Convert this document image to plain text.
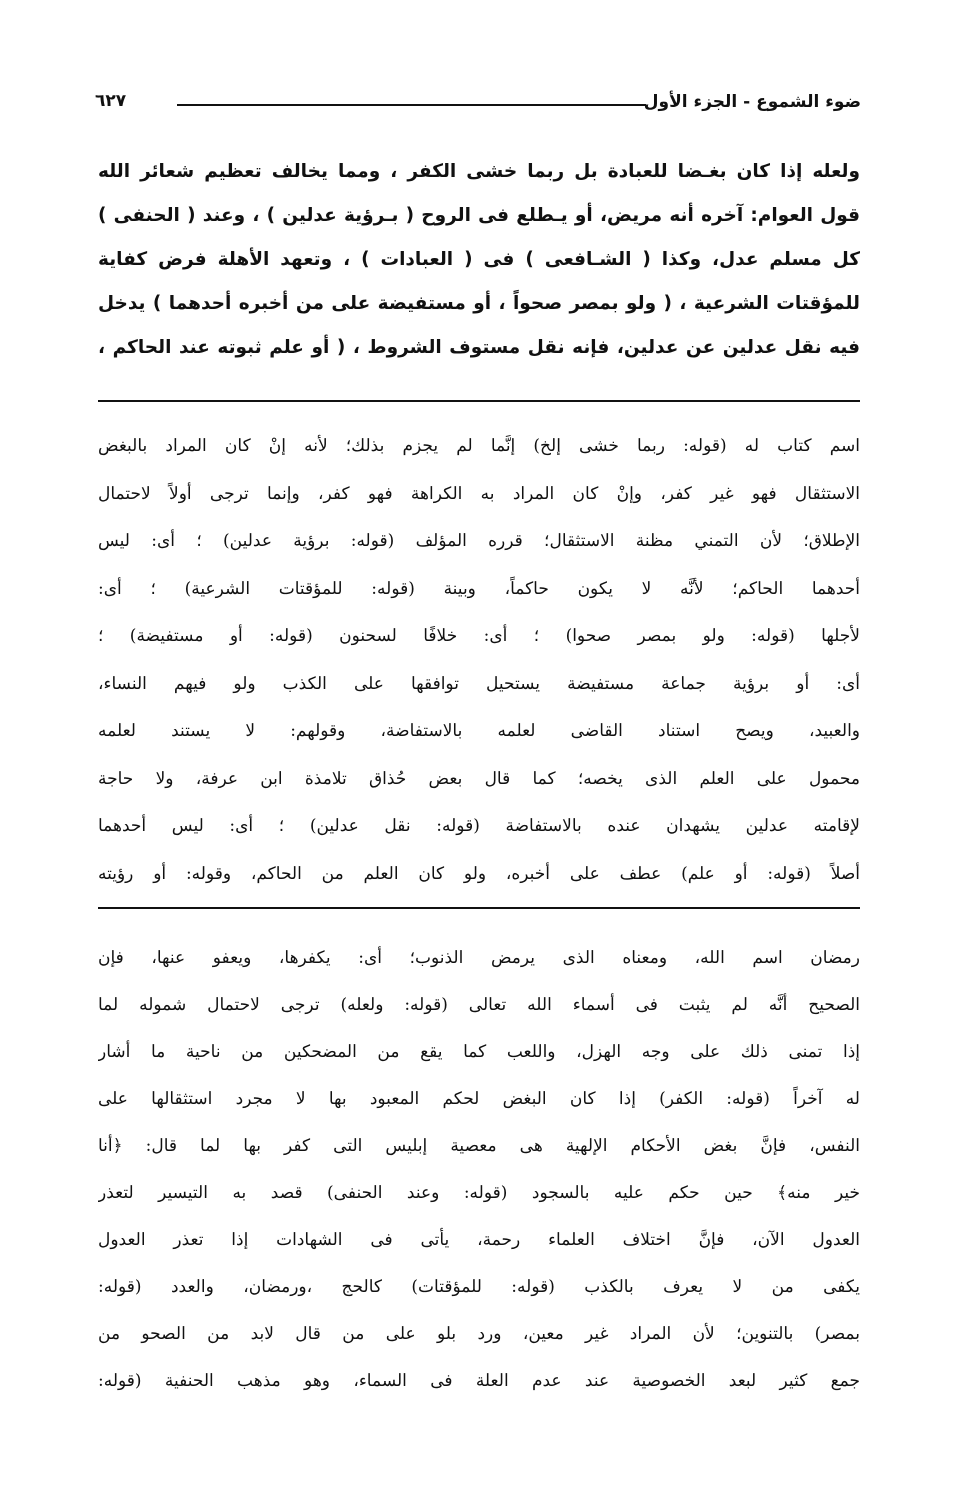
ضوء الشموع - الجزء الأول
٦٢٧
ولعله إذا كان بغـضا للعبادة بل ربما خشى الكفر ، ومما يخالف تعظيم شعائر الله
قول العوام: آخره أنه مريض، أو يـطلع فى الروح ( بـرؤية عدلين ) ، وعند ( الحنفى )
كل مسلم عدل، وكذا ( الشـافعى ) فى ( العبادات ) ، وتعهد الأهلة فرض كفاية
للمؤقتات الشرعية ، ( ولو بمصر صحواً ، أو مستفيضة على من أخبره أحدهما ) يدخل
فيه نقل عدلين عن عدلين، فإنه نقل مستوف الشروط ، ( أو علم ثبوته عند الحاكم ،
اسم كتاب له (قوله: ربما خشى إلخ) إنَّما لم يجزم بذلك؛ لأنه إنْ كان المراد بالبغض
الاستثقال فهو غير كفر، وإنْ كان المراد به الكراهة فهو كفر، وإنما ترجى أولاً لاحتمال
الإطلاق؛ لأن التمني مظنة الاستثقال؛ قرره المؤلف (قوله: برؤية عدلين) ؛ أى: ليس
أحدهما الحاكم؛ لأنَّه لا يكون حاكماً، وبينة (قوله: للمؤقتات الشرعية) ؛ أى:
لأجلها (قوله: ولو بمصر صحوا) ؛ أى: خلافًا لسحنون (قوله: أو مستفيضة) ؛
أى: أو برؤية جماعة مستفيضة يستحيل توافقها على الكذب ولو فيهم النساء،
والعبيد، ويصح استناد القاضى لعلمه بالاستفاضة، وقولهم: لا يستند لعلمه
محمول على العلم الذى يخصه؛ كما قال بعض حُذاق تلامذة ابن عرفة، ولا حاجة
لإقامته عدلين يشهدان عنده بالاستفاضة (قوله: نقل عدلين) ؛ أى: ليس أحدهما
أصلاً (قوله: أو علم) عطف على أخبره، ولو كان العلم من الحاكم، وقوله: أو رؤيته
رمضان اسم الله، ومعناه الذى يرمض الذنوب؛ أى: يكفرها، ويعفو عنها، فإن
الصحيح أنَّه لم يثبت فى أسماء الله تعالى (قوله: ولعله) ترجى لاحتمال شموله لما
إذا تمنى ذلك على وجه الهزل، واللعب كما يقع من المضحكين من ناحية ما أشار
له آخراً (قوله: الكفر) إذا كان البغض لحكم المعبود بها لا مجرد استثقالها على
النفس، فإنَّ بغض الأحكام الإلهية هى معصية إبليس التى كفر بها لما قال: ﴿أنا
خير منه﴾ حين حكم عليه بالسجود (قوله: وعند الحنفى) قصد به التيسير لتعذر
العدول الآن، فإنَّ اختلاف العلماء رحمة، يأتى فى الشهادات إذا تعذر العدول
يكفى من لا يعرف بالكذب (قوله: للمؤقتات) كالحج ،ورمضان، والعدد (قوله:
بمصر) بالتنوين؛ لأن المراد غير معين، ورد بلو على من قال لابد من الصحو من
جمع كثير لبعد الخصوصية عند عدم العلة فى السماء، وهو مذهب الحنفية (قوله:
